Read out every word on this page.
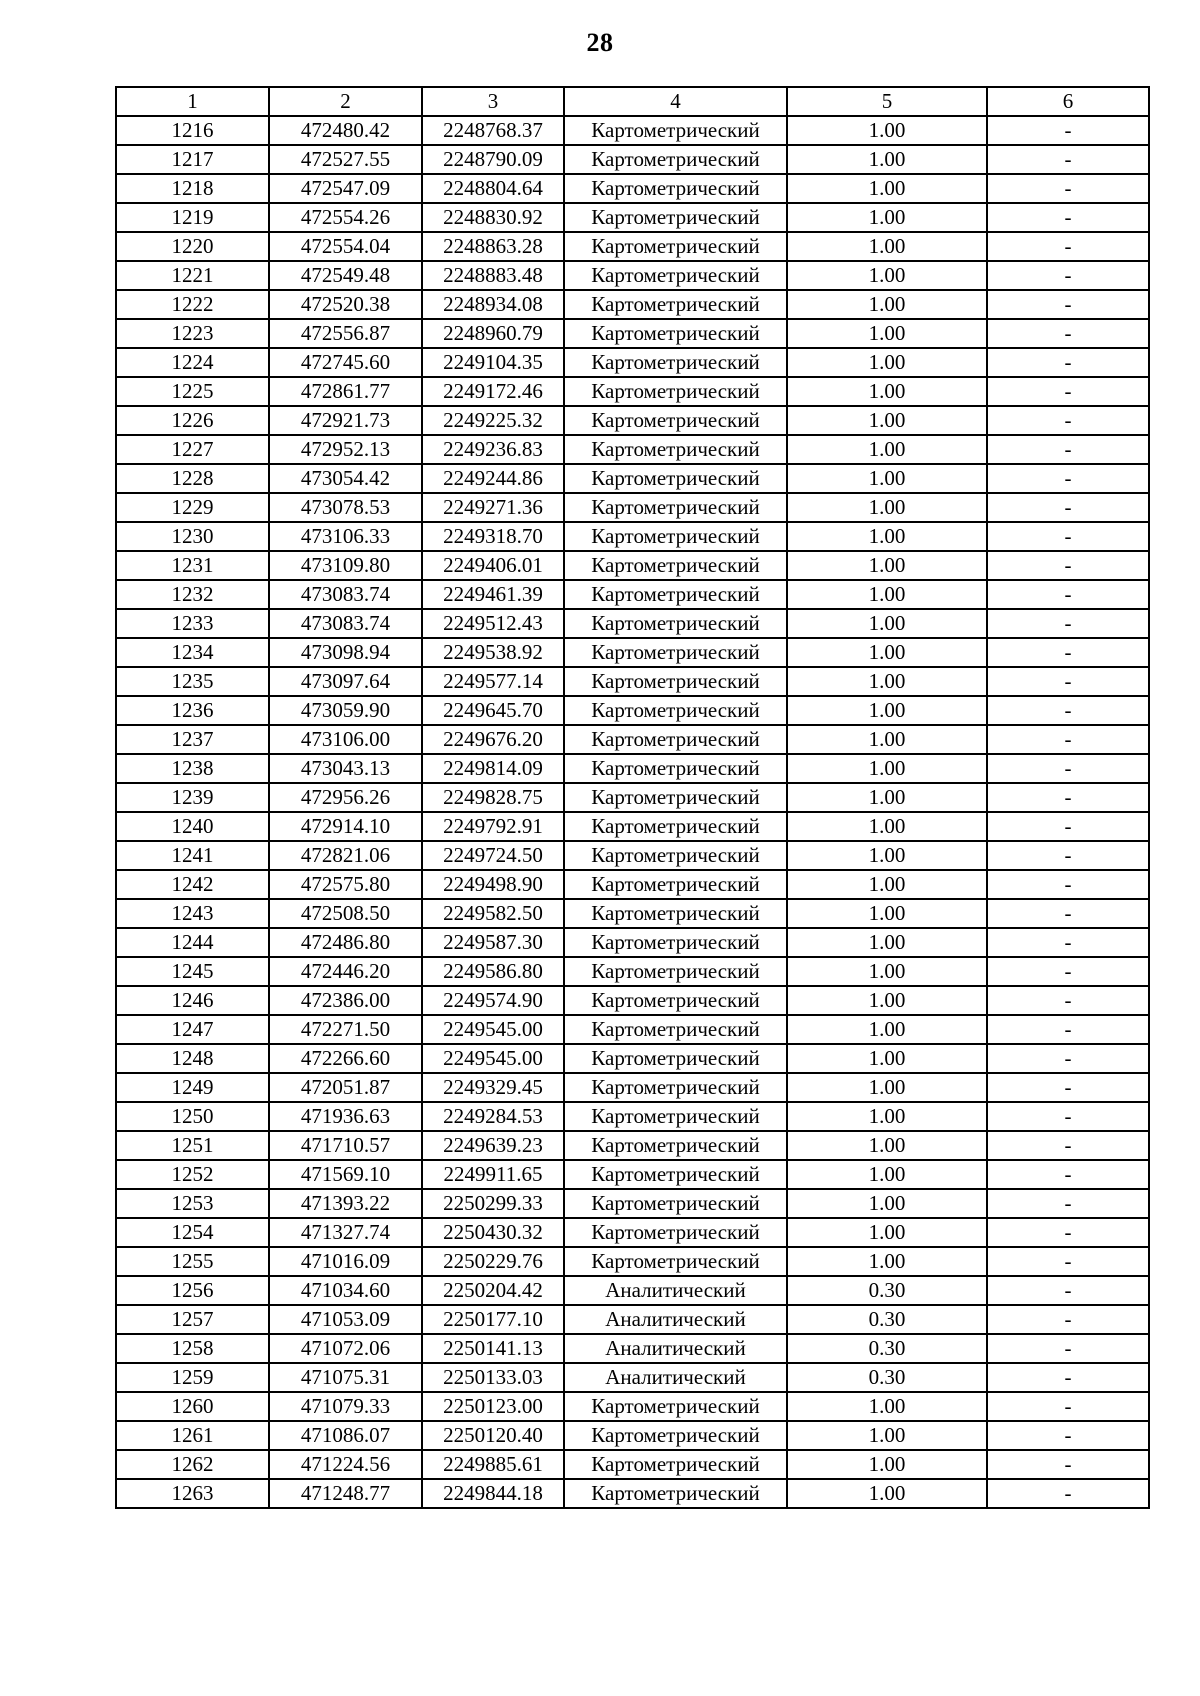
28
1	2	3	4	5	6
1216	472480.42	2248768.37	Картометрический	1.00	-
1217	472527.55	2248790.09	Картометрический	1.00	-
1218	472547.09	2248804.64	Картометрический	1.00	-
1219	472554.26	2248830.92	Картометрический	1.00	-
1220	472554.04	2248863.28	Картометрический	1.00	-
1221	472549.48	2248883.48	Картометрический	1.00	-
1222	472520.38	2248934.08	Картометрический	1.00	-
1223	472556.87	2248960.79	Картометрический	1.00	-
1224	472745.60	2249104.35	Картометрический	1.00	-
1225	472861.77	2249172.46	Картометрический	1.00	-
1226	472921.73	2249225.32	Картометрический	1.00	-
1227	472952.13	2249236.83	Картометрический	1.00	-
1228	473054.42	2249244.86	Картометрический	1.00	-
1229	473078.53	2249271.36	Картометрический	1.00	-
1230	473106.33	2249318.70	Картометрический	1.00	-
1231	473109.80	2249406.01	Картометрический	1.00	-
1232	473083.74	2249461.39	Картометрический	1.00	-
1233	473083.74	2249512.43	Картометрический	1.00	-
1234	473098.94	2249538.92	Картометрический	1.00	-
1235	473097.64	2249577.14	Картометрический	1.00	-
1236	473059.90	2249645.70	Картометрический	1.00	-
1237	473106.00	2249676.20	Картометрический	1.00	-
1238	473043.13	2249814.09	Картометрический	1.00	-
1239	472956.26	2249828.75	Картометрический	1.00	-
1240	472914.10	2249792.91	Картометрический	1.00	-
1241	472821.06	2249724.50	Картометрический	1.00	-
1242	472575.80	2249498.90	Картометрический	1.00	-
1243	472508.50	2249582.50	Картометрический	1.00	-
1244	472486.80	2249587.30	Картометрический	1.00	-
1245	472446.20	2249586.80	Картометрический	1.00	-
1246	472386.00	2249574.90	Картометрический	1.00	-
1247	472271.50	2249545.00	Картометрический	1.00	-
1248	472266.60	2249545.00	Картометрический	1.00	-
1249	472051.87	2249329.45	Картометрический	1.00	-
1250	471936.63	2249284.53	Картометрический	1.00	-
1251	471710.57	2249639.23	Картометрический	1.00	-
1252	471569.10	2249911.65	Картометрический	1.00	-
1253	471393.22	2250299.33	Картометрический	1.00	-
1254	471327.74	2250430.32	Картометрический	1.00	-
1255	471016.09	2250229.76	Картометрический	1.00	-
1256	471034.60	2250204.42	Аналитический	0.30	-
1257	471053.09	2250177.10	Аналитический	0.30	-
1258	471072.06	2250141.13	Аналитический	0.30	-
1259	471075.31	2250133.03	Аналитический	0.30	-
1260	471079.33	2250123.00	Картометрический	1.00	-
1261	471086.07	2250120.40	Картометрический	1.00	-
1262	471224.56	2249885.61	Картометрический	1.00	-
1263	471248.77	2249844.18	Картометрический	1.00	-
